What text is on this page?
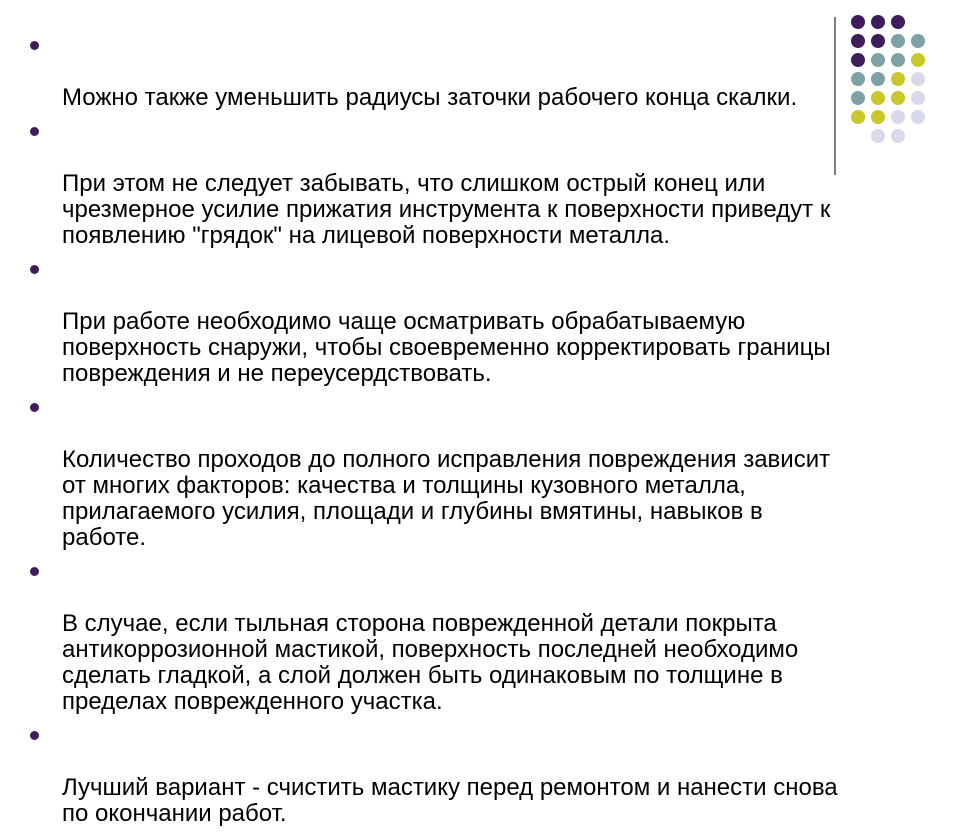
Можно также уменьшить радиусы заточки рабочего конца скалки.

При этом не следует забывать, что слишком острый конец или чрезмерное усилие прижатия инструмента к поверхности приведут к появлению "грядок" на лицевой поверхности металла.

При работе необходимо чаще осматривать обрабатываемую поверхность снаружи, чтобы своевременно корректировать границы повреждения и не переусердствовать.

Количество проходов до полного исправления повреждения зависит от многих факторов: качества и толщины кузовного металла, прилагаемого усилия, площади и глубины вмятины, навыков в работе.

В случае, если тыльная сторона поврежденной детали покрыта антикоррозионной мастикой, поверхность последней необходимо сделать гладкой, а слой должен быть одинаковым по толщине в пределах поврежденного участка.

Лучший вариант - счистить мастику перед ремонтом и нанести снова по окончании работ.
